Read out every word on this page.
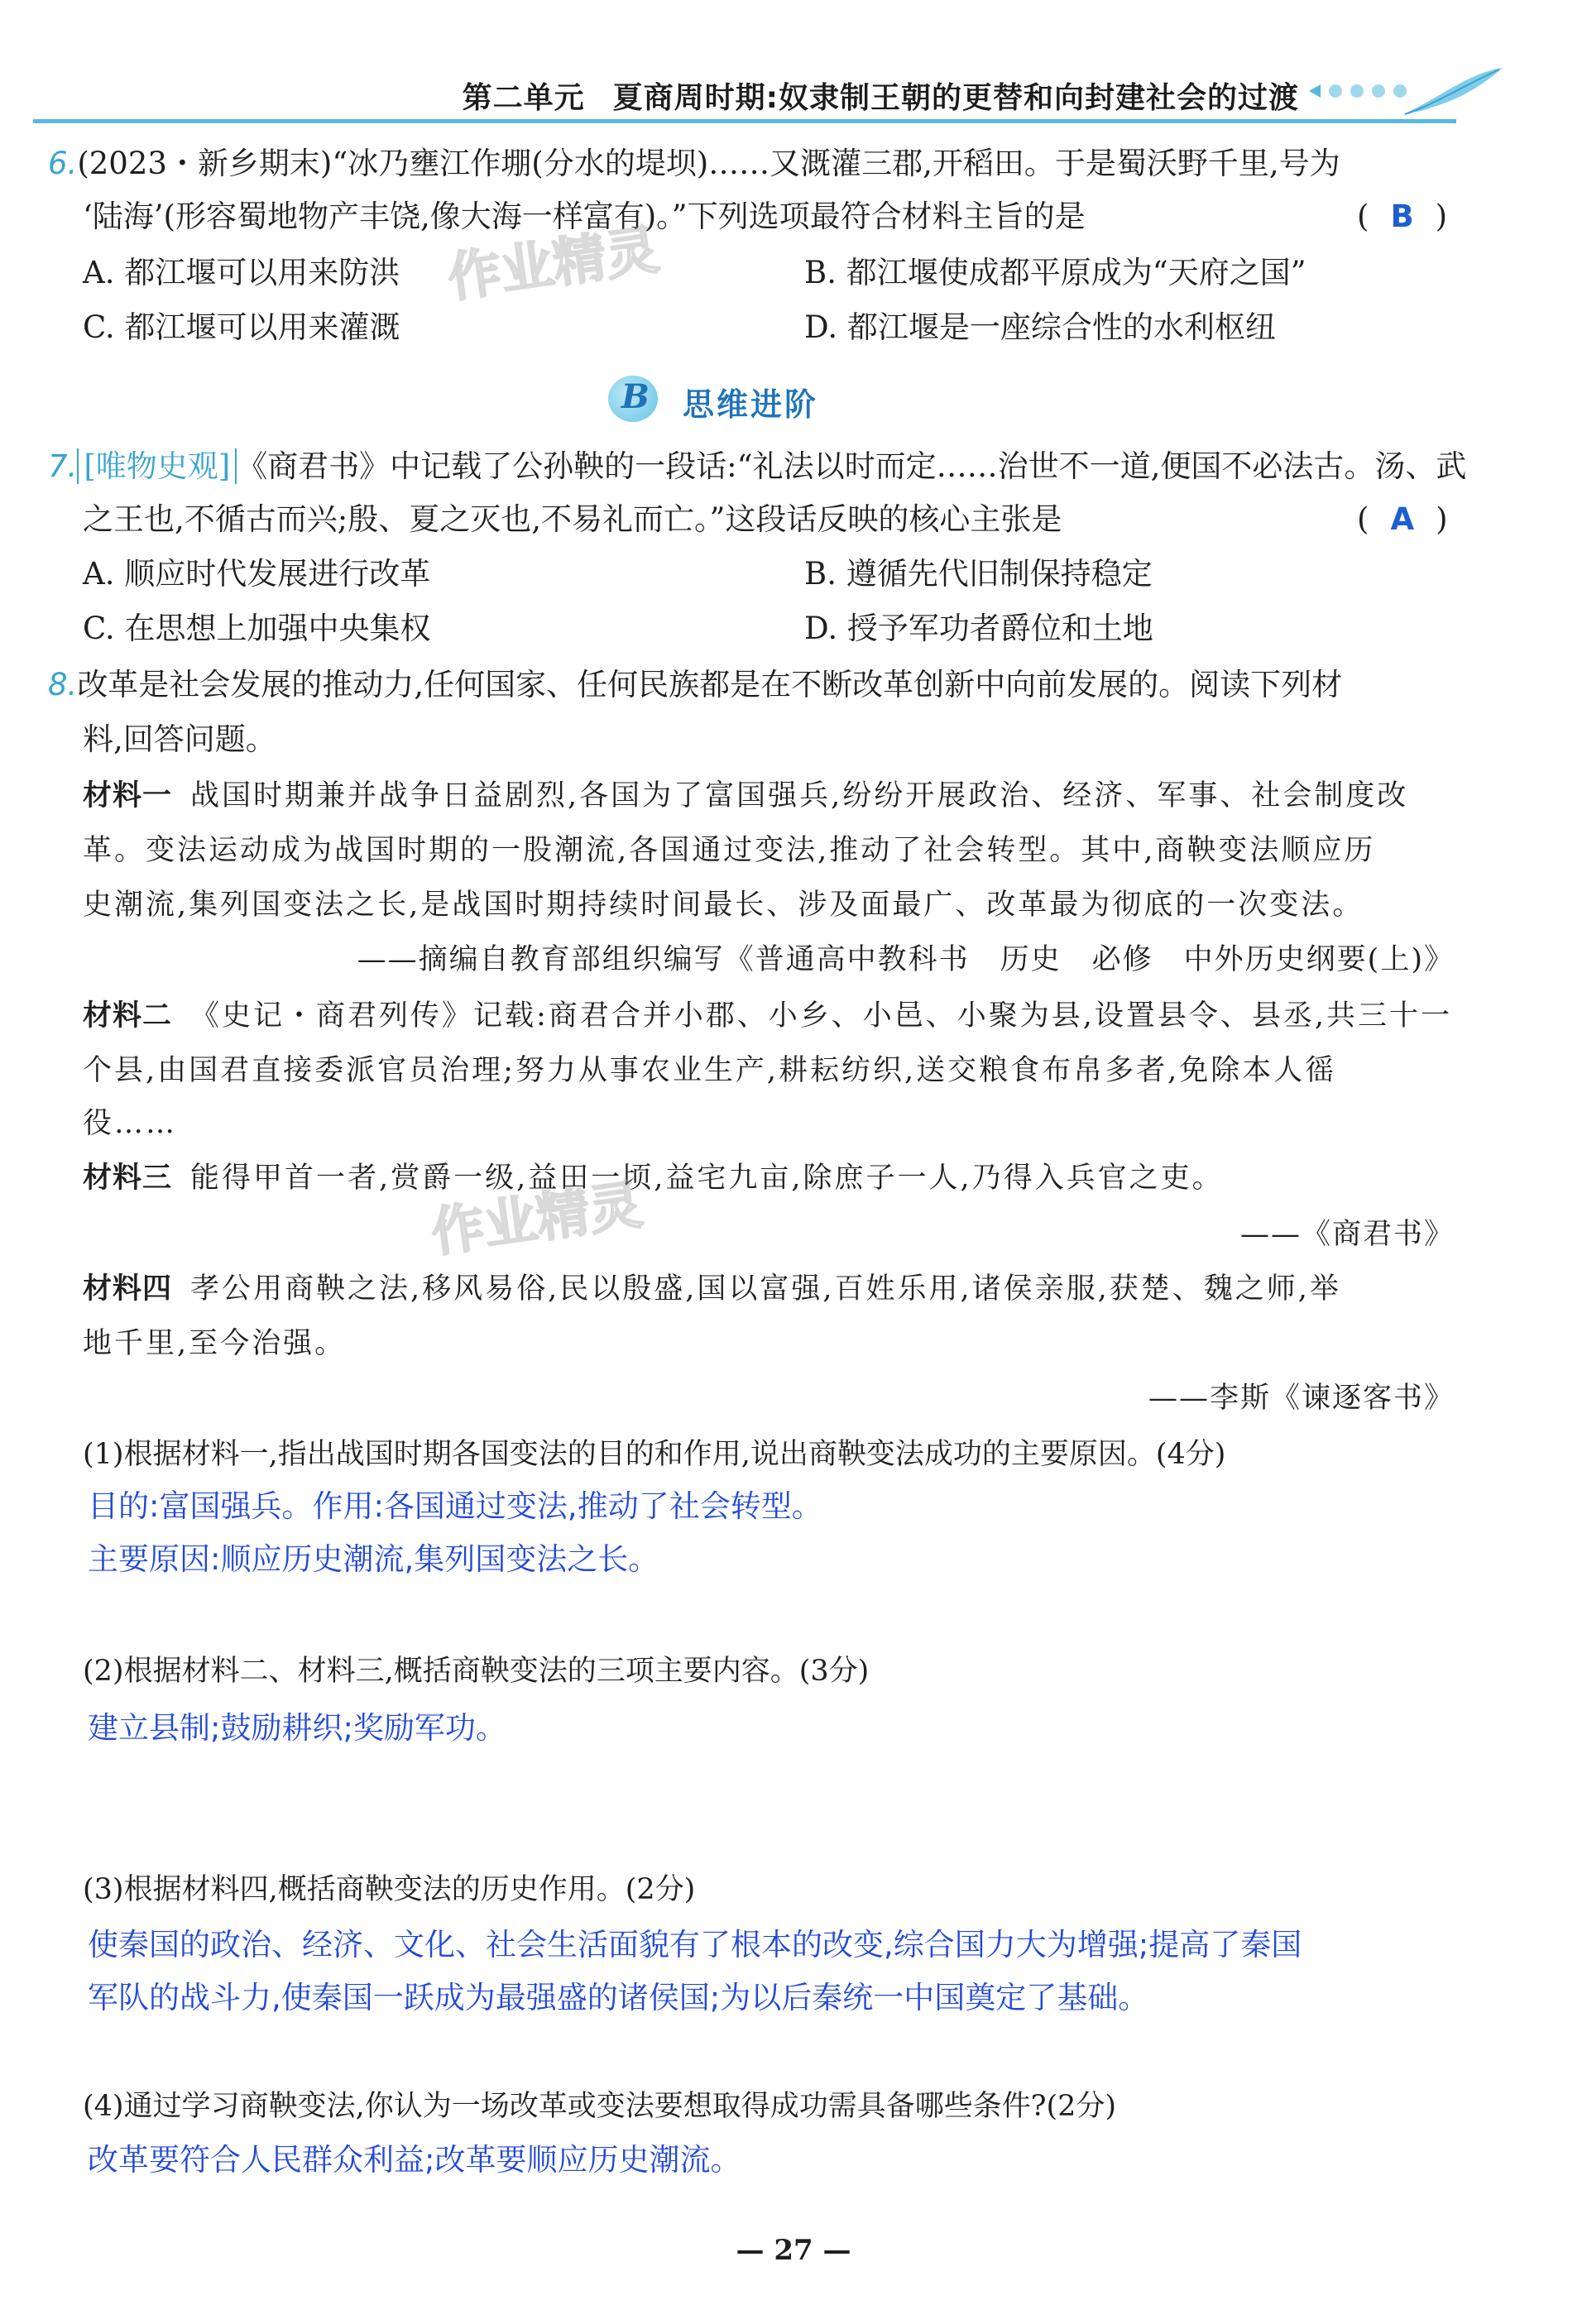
第二单元 夏商周时期:奴隶制王朝的更替和向封建社会的过渡
6.(2023・新乡期末)“冰乃壅江作堋(分水的堤坝)……又溉灌三郡,开稻田。于是蜀沃野千里,号为
‘陆海’(形容蜀地物产丰饶,像大海一样富有)。”下列选项最符合材料主旨的是	( B )
A. 都江堰可以用来防洪	B. 都江堰使成都平原成为“天府之国”
C. 都江堰可以用来灌溉	D. 都江堰是一座综合性的水利枢纽
作业精灵
B 思维进阶
7. [唯物史观] 《商君书》中记载了公孙鞅的一段话:“礼法以时而定……治世不一道,便国不必法古。汤、武
之王也,不循古而兴;殷、夏之灭也,不易礼而亡。”这段话反映的核心主张是	( A )
A. 顺应时代发展进行改革	B. 遵循先代旧制保持稳定
C. 在思想上加强中央集权	D. 授予军功者爵位和土地
8.改革是社会发展的推动力,任何国家、任何民族都是在不断改革创新中向前发展的。阅读下列材
料,回答问题。
材料一 战国时期兼并战争日益剧烈,各国为了富国强兵,纷纷开展政治、经济、军事、社会制度改
革。变法运动成为战国时期的一股潮流,各国通过变法,推动了社会转型。其中,商鞅变法顺应历
史潮流,集列国变法之长,是战国时期持续时间最长、涉及面最广、改革最为彻底的一次变法。
——摘编自教育部组织编写《普通高中教科书　历史　必修　中外历史纲要(上)》
材料二 《史记・商君列传》记载:商君合并小郡、小乡、小邑、小聚为县,设置县令、县丞,共三十一
个县,由国君直接委派官员治理;努力从事农业生产,耕耘纺织,送交粮食布帛多者,免除本人徭
役……
材料三 能得甲首一者,赏爵一级,益田一顷,益宅九亩,除庶子一人,乃得入兵官之吏。
——《商君书》
作业精灵
材料四 孝公用商鞅之法,移风易俗,民以殷盛,国以富强,百姓乐用,诸侯亲服,获楚、魏之师,举
地千里,至今治强。
——李斯《谏逐客书》
(1)根据材料一,指出战国时期各国变法的目的和作用,说出商鞅变法成功的主要原因。(4分)
目的:富国强兵。作用:各国通过变法,推动了社会转型。
主要原因:顺应历史潮流,集列国变法之长。
(2)根据材料二、材料三,概括商鞅变法的三项主要内容。(3分)
建立县制;鼓励耕织;奖励军功。
(3)根据材料四,概括商鞅变法的历史作用。(2分)
使秦国的政治、经济、文化、社会生活面貌有了根本的改变,综合国力大为增强;提高了秦国
军队的战斗力,使秦国一跃成为最强盛的诸侯国;为以后秦统一中国奠定了基础。
(4)通过学习商鞅变法,你认为一场改革或变法要想取得成功需具备哪些条件?(2分)
改革要符合人民群众利益;改革要顺应历史潮流。
— 27 —
